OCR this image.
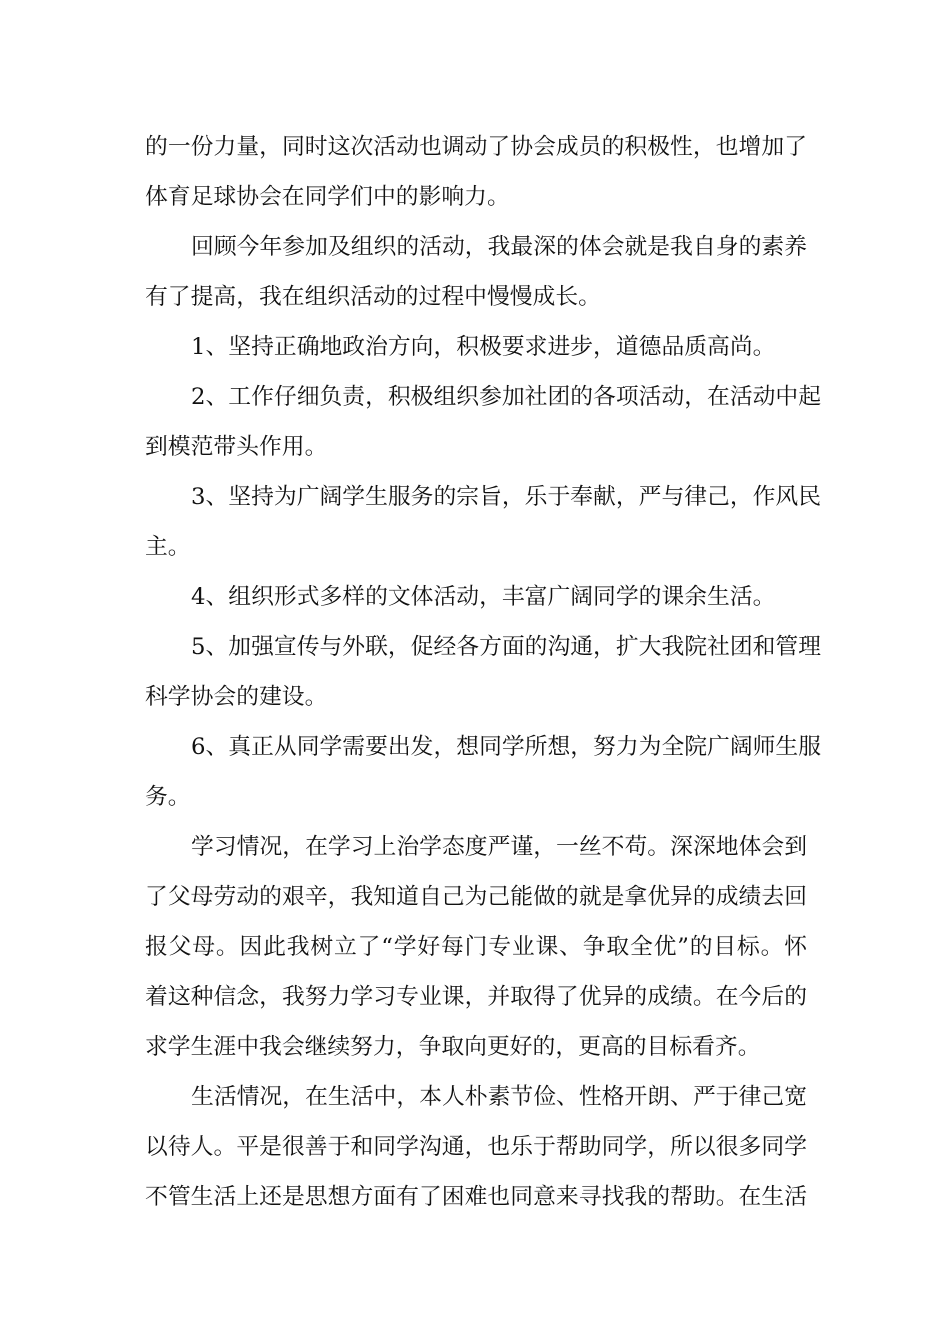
的一份力量，同时这次活动也调动了协会成员的积极性，也增加了
体育足球协会在同学们中的影响力。
回顾今年参加及组织的活动，我最深的体会就是我自身的素养
有了提高，我在组织活动的过程中慢慢成长。
1、坚持正确地政治方向，积极要求进步，道德品质高尚。
2、工作仔细负责，积极组织参加社团的各项活动，在活动中起
到模范带头作用。
3、坚持为广阔学生服务的宗旨，乐于奉献，严与律己，作风民
主。
4、组织形式多样的文体活动，丰富广阔同学的课余生活。
5、加强宣传与外联，促经各方面的沟通，扩大我院社团和管理
科学协会的建设。
6、真正从同学需要出发，想同学所想，努力为全院广阔师生服
务。
学习情况，在学习上治学态度严谨，一丝不苟。深深地体会到
了父母劳动的艰辛，我知道自己为己能做的就是拿优异的成绩去回
报父母。因此我树立了“学好每门专业课、争取全优”的目标。怀
着这种信念，我努力学习专业课，并取得了优异的成绩。在今后的
求学生涯中我会继续努力，争取向更好的，更高的目标看齐。
生活情况，在生活中，本人朴素节俭、性格开朗、严于律己宽
以待人。平是很善于和同学沟通，也乐于帮助同学，所以很多同学
不管生活上还是思想方面有了困难也同意来寻找我的帮助。在生活
